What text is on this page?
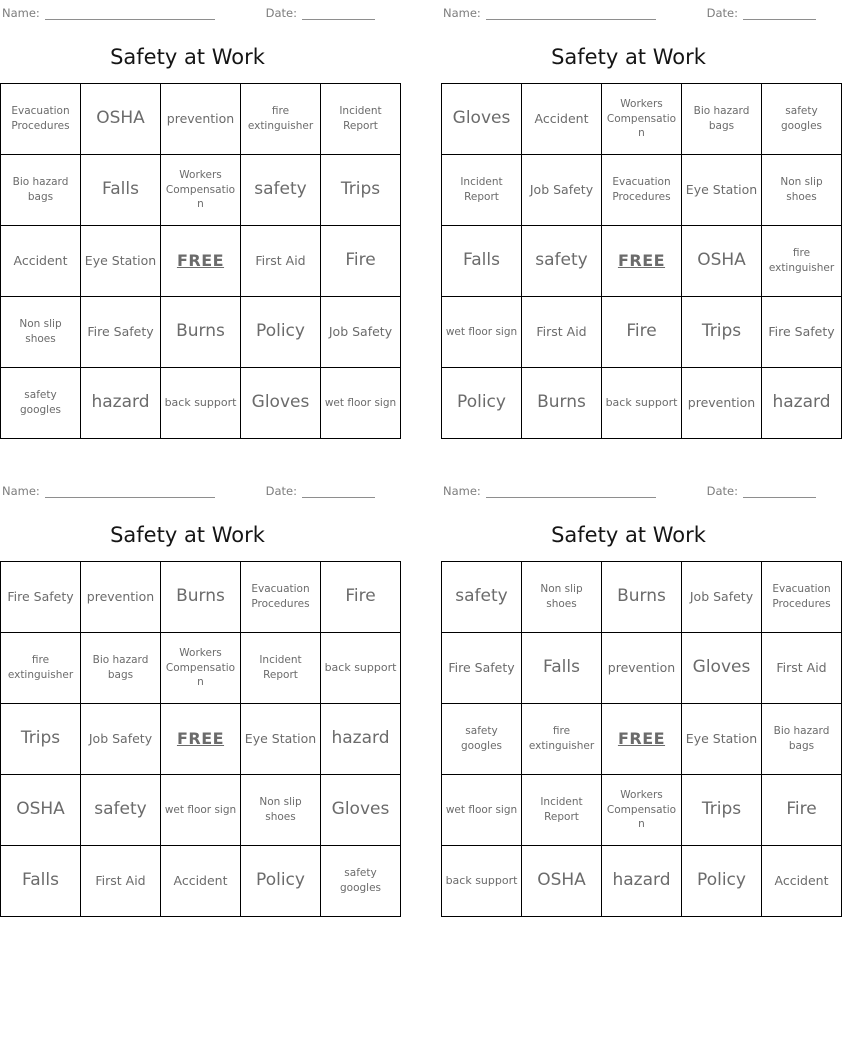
Name:	Date:
Safety at Work
Evacuation Procedures	OSHA	prevention	fire extinguisher	Incident Report
Bio hazard bags	Falls	Workers Compensation	safety	Trips
Accident	Eye Station	FREE	First Aid	Fire
Non slip shoes	Fire Safety	Burns	Policy	Job Safety
safety googles	hazard	back support	Gloves	wet floor sign
Name:	Date:
Safety at Work
Gloves	Accident	Workers Compensation	Bio hazard bags	safety googles
Incident Report	Job Safety	Evacuation Procedures	Eye Station	Non slip shoes
Falls	safety	FREE	OSHA	fire extinguisher
wet floor sign	First Aid	Fire	Trips	Fire Safety
Policy	Burns	back support	prevention	hazard
Name:	Date:
Safety at Work
Fire Safety	prevention	Burns	Evacuation Procedures	Fire
fire extinguisher	Bio hazard bags	Workers Compensation	Incident Report	back support
Trips	Job Safety	FREE	Eye Station	hazard
OSHA	safety	wet floor sign	Non slip shoes	Gloves
Falls	First Aid	Accident	Policy	safety googles
Name:	Date:
Safety at Work
safety	Non slip shoes	Burns	Job Safety	Evacuation Procedures
Fire Safety	Falls	prevention	Gloves	First Aid
safety googles	fire extinguisher	FREE	Eye Station	Bio hazard bags
wet floor sign	Incident Report	Workers Compensation	Trips	Fire
back support	OSHA	hazard	Policy	Accident
